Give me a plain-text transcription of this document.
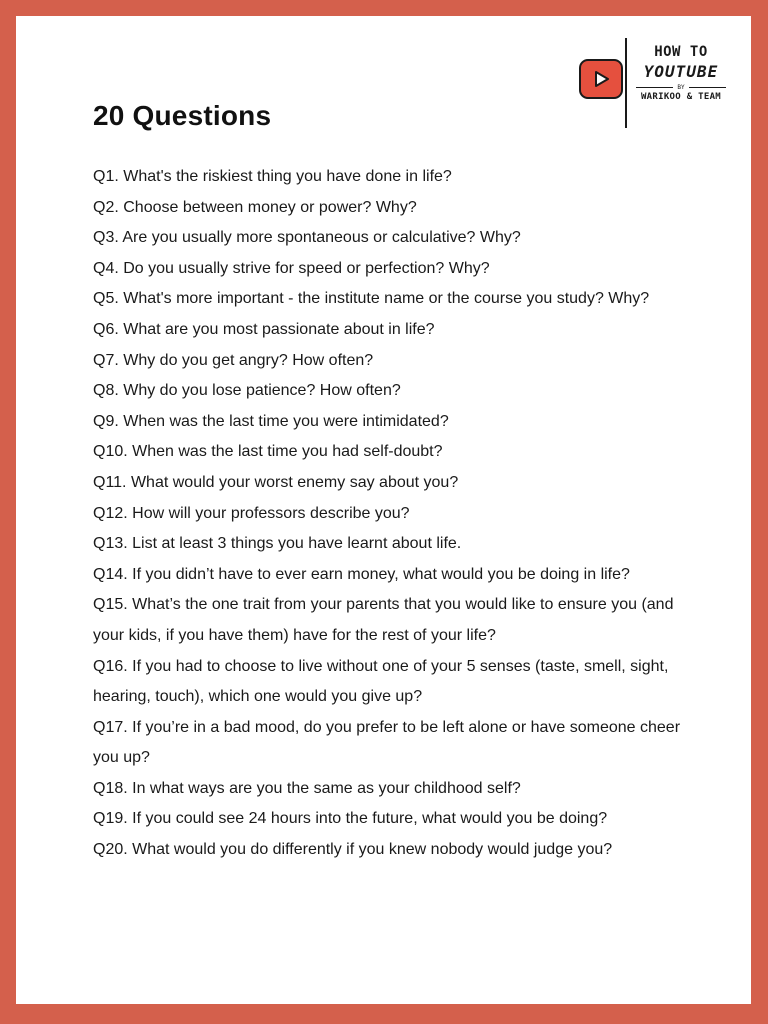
HOW TO
YOUTUBE
BY
WARIKOO & TEAM
20 Questions
Q1. What's the riskiest thing you have done in life?
Q2. Choose between money or power? Why?
Q3. Are you usually more spontaneous or calculative? Why?
Q4. Do you usually strive for speed or perfection? Why?
Q5. What's more important - the institute name or the course you study? Why?
Q6. What are you most passionate about in life?
Q7. Why do you get angry? How often?
Q8. Why do you lose patience? How often?
Q9. When was the last time you were intimidated?
Q10. When was the last time you had self-doubt?
Q11. What would your worst enemy say about you?
Q12. How will your professors describe you?
Q13. List at least 3 things you have learnt about life.
Q14. If you didn’t have to ever earn money, what would you be doing in life?
Q15. What’s the one trait from your parents that you would like to ensure you (and your kids, if you have them) have for the rest of your life?
Q16. If you had to choose to live without one of your 5 senses (taste, smell, sight, hearing, touch), which one would you give up?
Q17. If you’re in a bad mood, do you prefer to be left alone or have someone cheer you up?
Q18. In what ways are you the same as your childhood self?
Q19. If you could see 24 hours into the future, what would you be doing?
Q20. What would you do differently if you knew nobody would judge you?
